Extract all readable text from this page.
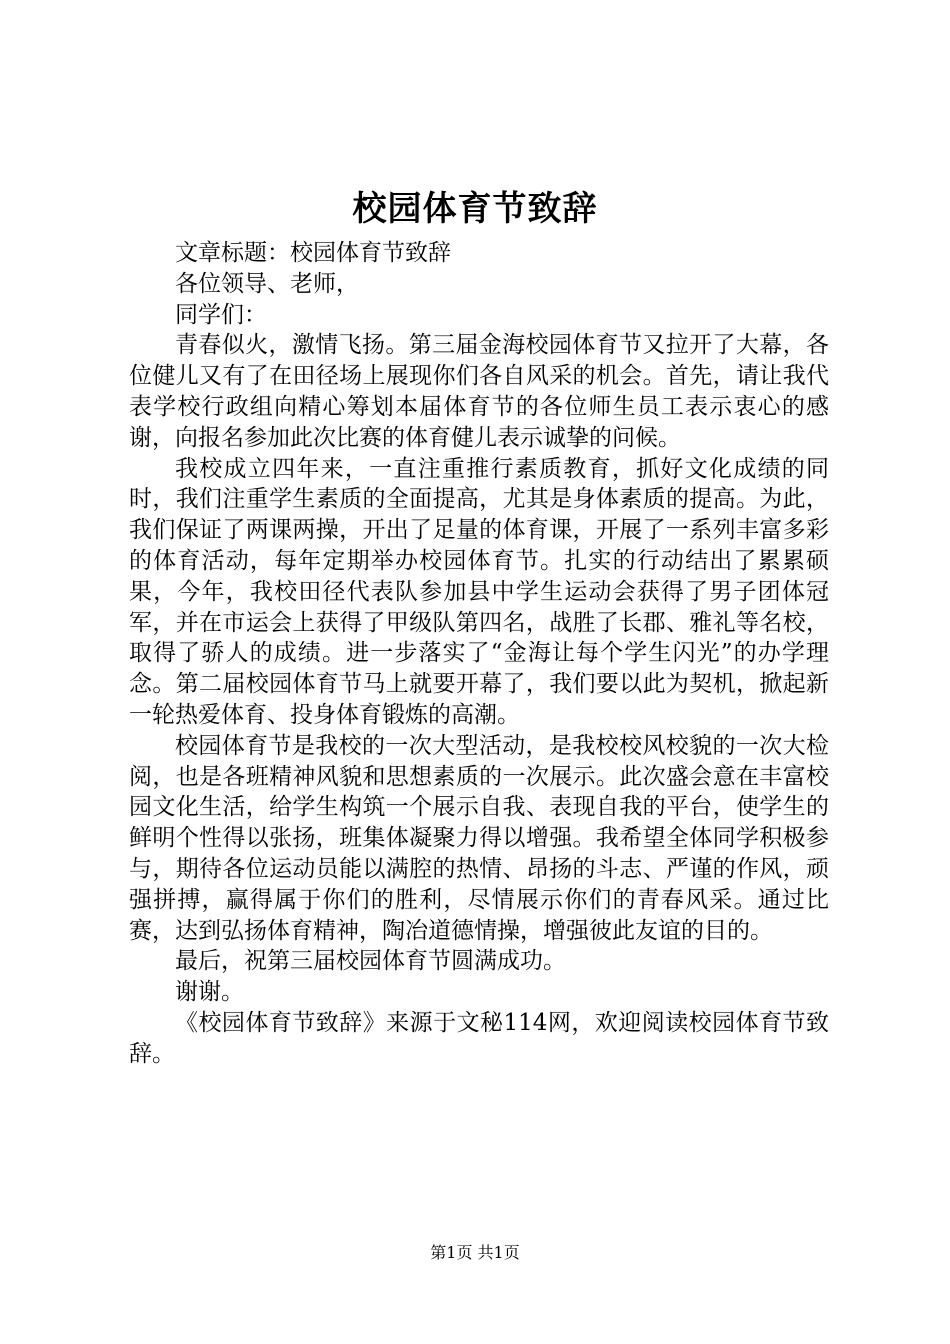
校园体育节致辞

文章标题：校园体育节致辞

各位领导、老师，

同学们：

青春似火，激情飞扬。第三届金海校园体育节又拉开了大幕，各位健儿又有了在田径场上展现你们各自风采的机会。首先，请让我代表学校行政组向精心筹划本届体育节的各位师生员工表示衷心的感谢，向报名参加此次比赛的体育健儿表示诚挚的问候。

我校成立四年来，一直注重推行素质教育，抓好文化成绩的同时，我们注重学生素质的全面提高，尤其是身体素质的提高。为此，我们保证了两课两操，开出了足量的体育课，开展了一系列丰富多彩的体育活动，每年定期举办校园体育节。扎实的行动结出了累累硕果，今年，我校田径代表队参加县中学生运动会获得了男子团体冠军，并在市运会上获得了甲级队第四名，战胜了长郡、雅礼等名校，取得了骄人的成绩。进一步落实了“金海让每个学生闪光”的办学理念。第二届校园体育节马上就要开幕了，我们要以此为契机，掀起新一轮热爱体育、投身体育锻炼的高潮。

校园体育节是我校的一次大型活动，是我校校风校貌的一次大检阅，也是各班精神风貌和思想素质的一次展示。此次盛会意在丰富校园文化生活，给学生构筑一个展示自我、表现自我的平台，使学生的鲜明个性得以张扬，班集体凝聚力得以增强。我希望全体同学积极参与，期待各位运动员能以满腔的热情、昂扬的斗志、严谨的作风，顽强拼搏，赢得属于你们的胜利，尽情展示你们的青春风采。通过比赛，达到弘扬体育精神，陶冶道德情操，增强彼此友谊的目的。

最后，祝第三届校园体育节圆满成功。

谢谢。

《校园体育节致辞》来源于文秘114网，欢迎阅读校园体育节致辞。

第1页 共1页
